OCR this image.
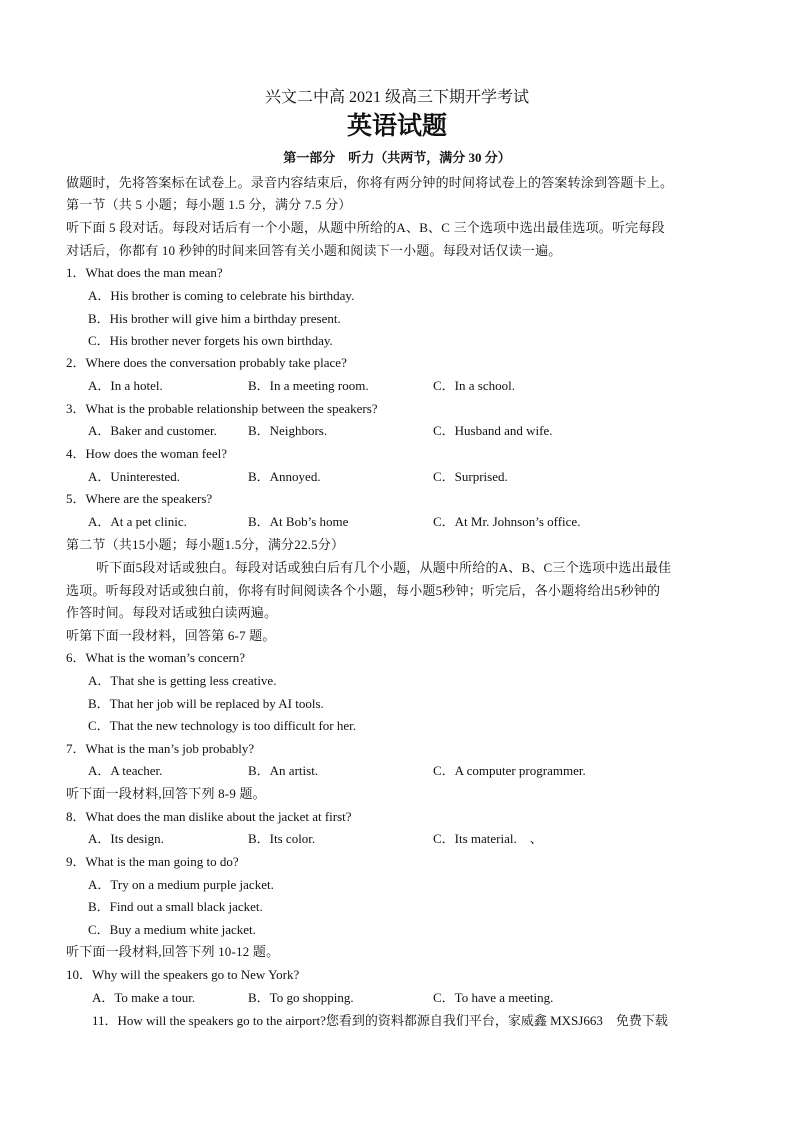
兴文二中高 2021 级高三下期开学考试
英语试题
第一部分　听力（共两节，满分 30 分）
做题时，先将答案标在试卷上。录音内容结束后，你将有两分钟的时间将试卷上的答案转涂到答题卡上。
第一节（共 5 小题；每小题 1.5 分，满分 7.5 分）
听下面 5 段对话。每段对话后有一个小题，从题中所给的A、B、C 三个选项中选出最佳选项。听完每段
对话后，你都有 10 秒钟的时间来回答有关小题和阅读下一小题。每段对话仅读一遍。
1．What does the man mean?
A．His brother is coming to celebrate his birthday.
B．His brother will give him a birthday present.
C．His brother never forgets his own birthday.
2．Where does the conversation probably take place?
A．In a hotel.	B．In a meeting room.	C．In a school.
3．What is the probable relationship between the speakers?
A．Baker and customer. B．Neighbors.	C．Husband and wife.
4．How does the woman feel?
A．Uninterested.	B．Annoyed.	C．Surprised.
5．Where are the speakers?
A．At a pet clinic.	B．At Bob’s home	C．At Mr. Johnson’s office.
第二节（共15小题；每小题1.5分，满分22.5分）
听下面5段对话或独白。每段对话或独白后有几个小题，从题中所给的A、B、C三个选项中选出最佳
选项。听每段对话或独白前，你将有时间阅读各个小题，每小题5秒钟；听完后，各小题将给出5秒钟的
作答时间。每段对话或独白读两遍。
听第下面一段材料，回答第 6-7 题。
6．What is the woman’s concern?
A．That she is getting less creative.
B．That her job will be replaced by AI tools.
C．That the new technology is too difficult for her.
7．What is the man’s job probably?
A．A teacher.	B．An artist.	C．A computer programmer.
听下面一段材料,回答下列 8-9 题。
8．What does the man dislike about the jacket at first?
A．Its design.	B．Its color.	C．Its material.　、
9．What is the man going to do?
A．Try on a medium purple jacket.
B．Find out a small black jacket.
C．Buy a medium white jacket.
听下面一段材料,回答下列 10-12 题。
10．Why will the speakers go to New York?
A．To make a tour.	B．To go shopping.	C．To have a meeting.
11．How will the speakers go to the airport?您看到的资料都源自我们平台，家威鑫 MXSJ663　免费下载
